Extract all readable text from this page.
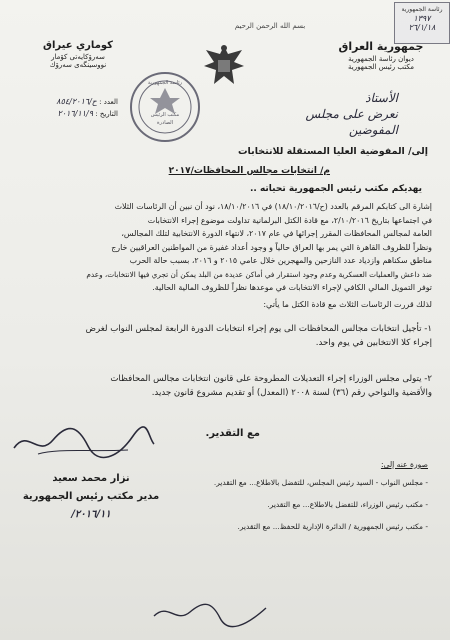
رئاسة الجمهورية
١٣٩٧
٢٦/١/١٨
بسم الله الرحمن الرحيم
جمهورية العراق
ديوان رئاسة الجمهورية
مكتب رئيس الجمهورية
كوماري عيراق
سەرۆكايەتی كۆمار
نووسینگەی سەرۆك
العدد : ح/٨٥٤/٢٠١٦
التاريخ : ٢٠١٦/١١/٩
رئاسة الجمهورية
مكتب الرئيس
الصادرة
الأستاذ
نعرض على مجلس
المفوضين
إلى/ المفوضية العليا المستقلة للانتخابات
م/ انتخابات مجالس المحافظات/٢٠١٧
يهديكم مكتب رئيس الجمهورية تحياته ..
إشارة الى كتابكم المرقم بالعدد (ح/١٨/١٠/٢٠١٦) في ١٨/١٠/٢٠١٦، نود أن نبين أن الرئاسات الثلاث
في اجتماعها بتاريخ ٢/١٠/٢٠١٦، مع قادة الكتل البرلمانية تداولت موضوع إجراء الانتخابات
العامة لمجالس المحافظات المقرر إجرائها في عام ٢٠١٧، لانتهاء الدورة الانتخابية لتلك المجالس،
ونظراً للظروف القاهرة التي يمر بها العراق حالياً و وجود أعداد غفيرة من المواطنين العراقيين خارج
مناطق سكناهم وازدياد عدد النازحين والمهجرين خلال عامي ٢٠١٥ و ٢٠١٦، بسبب حالة الحرب
ضد داعش والعمليات العسكرية وعدم وجود استقرار في أماكن عديدة من البلد يمكن أن تجري فيها الانتخابات، وعدم
توفر التمويل المالي الكافي لإجراء الانتخابات في موعدها نظراً للظروف المالية الحالية.
لذلك قررت الرئاسات الثلاث مع قادة الكتل ما يأتي:
١- تأجيل انتخابات مجالس المحافظات الى يوم إجراء انتخابات الدورة الرابعة لمجلس النواب لغرض
إجراء كلا الانتخابين في يوم واحد.
٢- يتولى مجلس الوزراء إجراء التعديلات المطروحة على قانون انتخابات مجالس المحافظات
والأقضية والنواحي رقم (٣٦) لسنة ٢٠٠٨ (المعدل) أو تقديم مشروع قانون جديد.
مع التقدير.
نزار محمد سعيد
مدير مكتب رئيس الجمهورية
٢٠١٦/١١/
صورة عنه إلى:
- مجلس النواب - السيد رئيس المجلس، للتفضل بالاطلاع... مع التقدير.
- مكتب رئيس الوزراء، للتفضل بالاطلاع... مع التقدير.
- مكتب رئيس الجمهورية / الدائرة الإدارية للحفظ... مع التقدير.
